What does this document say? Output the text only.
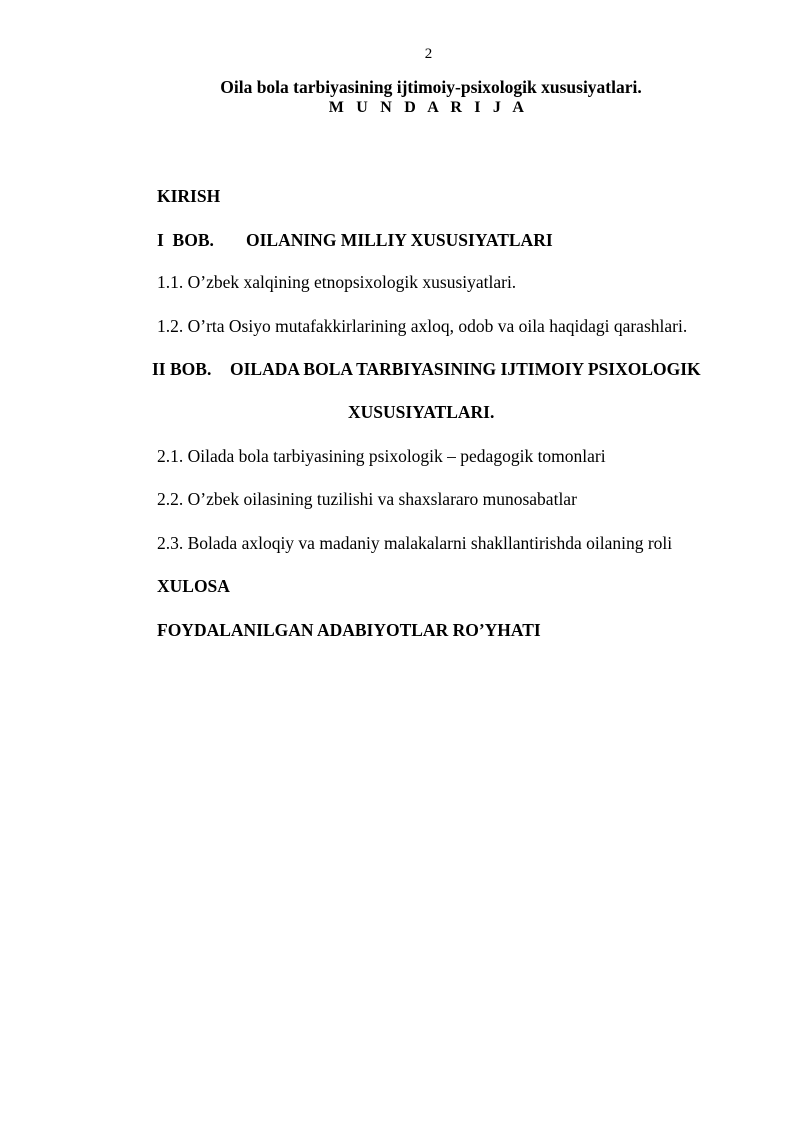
2
Oila bola tarbiyasining ijtimoiy-psixologik xususiyatlari.
M U N D A R I J A
KIRISH
I  BOB. OILANING MILLIY XUSUSIYATLARI
1.1. O’zbek xalqining etnopsixologik xususiyatlari.
1.2. O’rta Osiyo mutafakkirlarining axloq, odob va oila haqidagi qarashlari.
II BOB. OILADA BOLA TARBIYASINING IJTIMOIY PSIXOLOGIK
XUSUSIYATLARI.
2.1. Oilada bola tarbiyasining psixologik – pedagogik tomonlari
2.2. O’zbek oilasining tuzilishi va shaxslararo munosabatlar
2.3. Bolada axloqiy va madaniy malakalarni shakllantirishda oilaning roli
XULOSA
FOYDALANILGAN ADABIYOTLAR RO’YHATI
